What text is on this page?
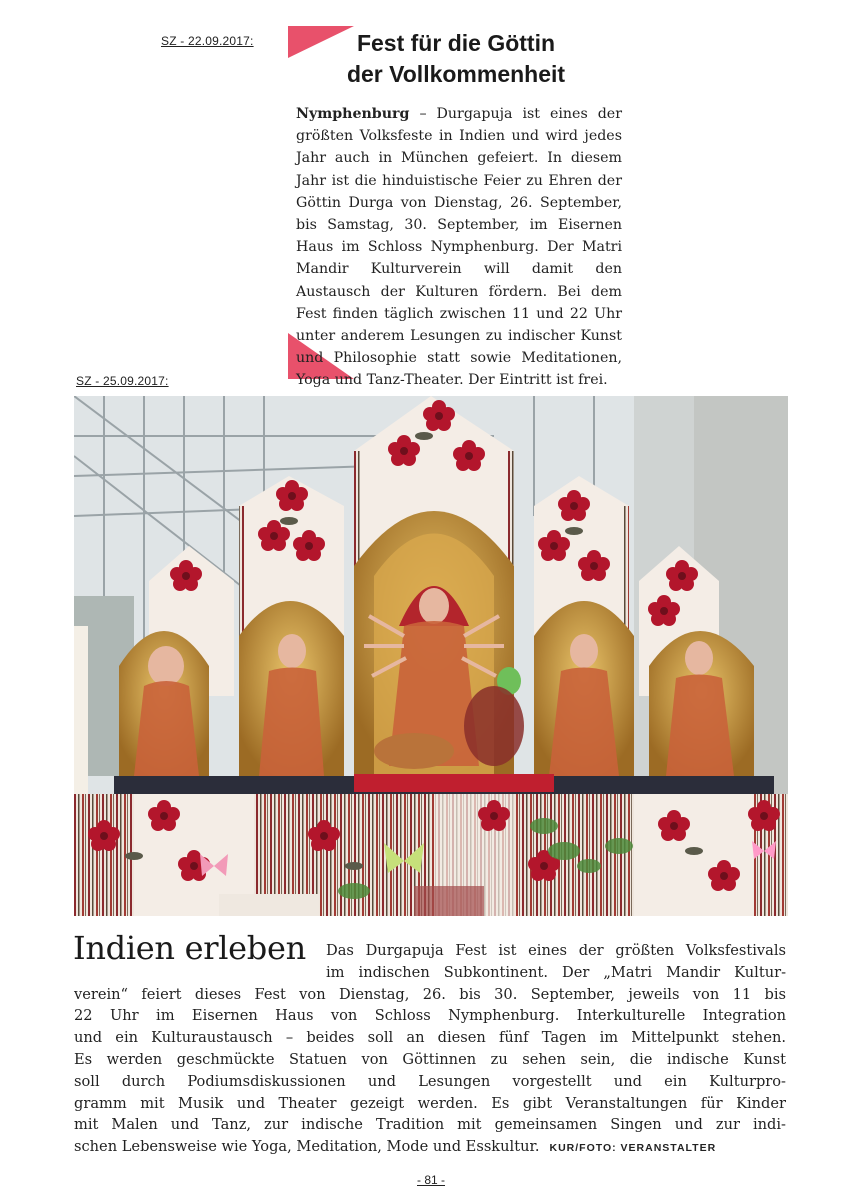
SZ - 22.09.2017:
SZ - 25.09.2017:
Fest für die Göttin
der Vollkommenheit

Nymphenburg – Durgapuja ist eines der größten Volksfeste in Indien und wird jedes Jahr auch in München gefeiert. In diesem Jahr ist die hinduistische Feier zu Ehren der Göttin Durga von Dienstag, 26. September, bis Samstag, 30. September, im Eisernen Haus im Schloss Nymphenburg. Der Matri Mandir Kulturverein will damit den Austausch der Kulturen fördern. Bei dem Fest finden täglich zwischen 11 und 22 Uhr unter anderem Lesungen zu indischer Kunst und Philosophie statt sowie Meditationen, Yoga und Tanz-Theater. Der Eintritt ist frei.

Indien erleben Das Durgapuja Fest ist eines der größten Volksfestivals
im indischen Subkontinent. Der „Matri Mandir Kultur-
verein“ feiert dieses Fest von Dienstag, 26. bis 30. September, jeweils von 11 bis
22 Uhr im Eisernen Haus von Schloss Nymphenburg. Interkulturelle Integration
und ein Kulturaustausch – beides soll an diesen fünf Tagen im Mittelpunkt stehen.
Es werden geschmückte Statuen von Göttinnen zu sehen sein, die indische Kunst
soll durch Podiumsdiskussionen und Lesungen vorgestellt und ein Kulturpro-
gramm mit Musik und Theater gezeigt werden. Es gibt Veranstaltungen für Kinder
mit Malen und Tanz, zur indische Tradition mit gemeinsamen Singen und zur indi-
schen Lebensweise wie Yoga, Meditation, Mode und Esskultur. KUR/FOTO: VERANSTALTER

- 81 -
